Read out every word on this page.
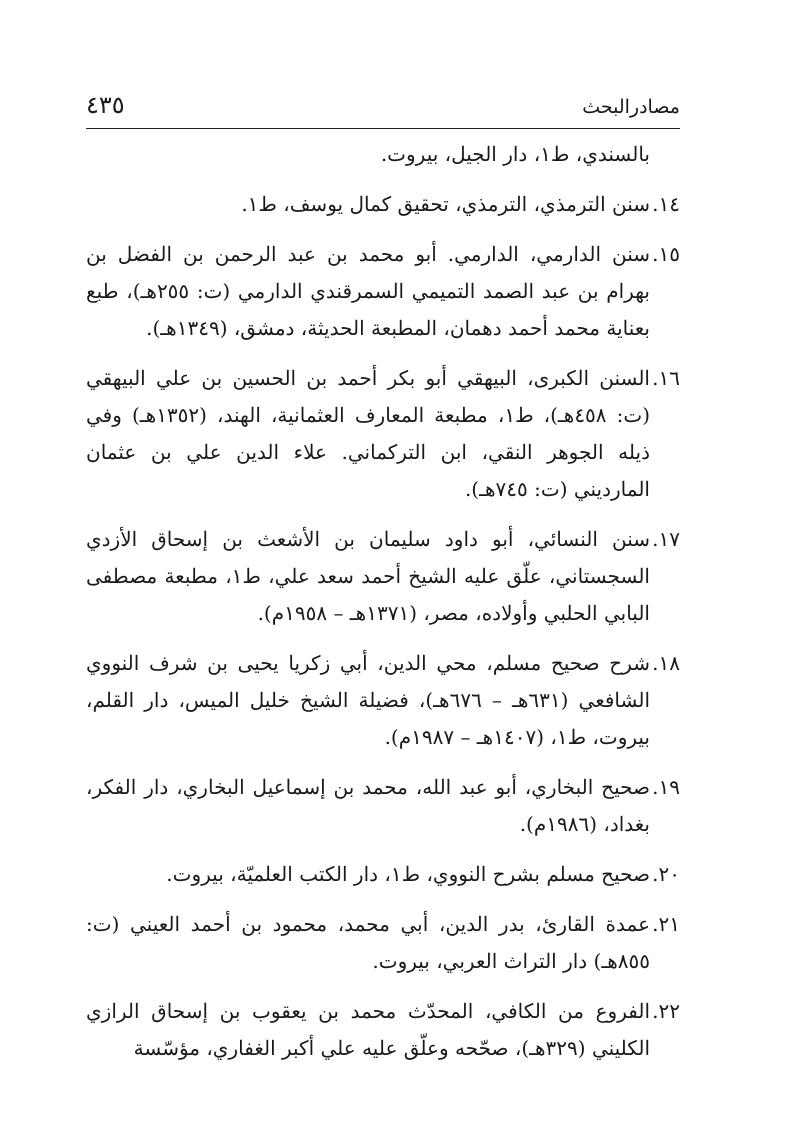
مصادرالبحث
٤٣٥
بالسندي، ط١، دار الجيل، بيروت.
١٤.
سنن الترمذي، الترمذي، تحقيق كمال يوسف، ط١.
١٥.
سنن الدارمي، الدارمي. أبو محمد بن عبد الرحمن بن الفضل بن بهرام بن عبد الصمد التميمي السمرقندي الدارمي (ت: ٢٥٥هـ)، طبع بعناية محمد أحمد دهمان، المطبعة الحديثة، دمشق، (١٣٤٩هـ).
١٦.
السنن الكبرى، البيهقي أبو بكر أحمد بن الحسين بن علي البيهقي (ت: ٤٥٨هـ)، ط١، مطبعة المعارف العثمانية، الهند، (١٣٥٢هـ) وفي ذيله الجوهر النقي، ابن التركماني. علاء الدين علي بن عثمان الماردیني (ت: ٧٤٥هـ).
١٧.
سنن النسائي، أبو داود سليمان بن الأشعث بن إسحاق الأزدي السجستاني، علّق عليه الشيخ أحمد سعد علي، ط١، مطبعة مصطفى البابي الحلبي وأولاده، مصر، (١٣٧١هـ – ١٩٥٨م).
١٨.
شرح صحيح مسلم، محي الدين، أبي زكريا يحيى بن شرف النووي الشافعي (٦٣١هـ – ٦٧٦هـ)، فضيلة الشيخ خليل الميس، دار القلم، بيروت، ط١، (١٤٠٧هـ – ١٩٨٧م).
١٩.
صحيح البخاري، أبو عبد الله، محمد بن إسماعيل البخاري، دار الفكر، بغداد، (١٩٨٦م).
٢٠.
صحيح مسلم بشرح النووي، ط١، دار الكتب العلميّة، بيروت.
٢١.
عمدة القارئ، بدر الدين، أبي محمد، محمود بن أحمد العيني (ت: ٨٥٥هـ) دار التراث العربي، بيروت.
٢٢.
الفروع من الكافي، المحدّث محمد بن يعقوب بن إسحاق الرازي الكليني (٣٢٩هـ)، صحّحه وعلّق عليه علي أكبر الغفاري، مؤسّسة
